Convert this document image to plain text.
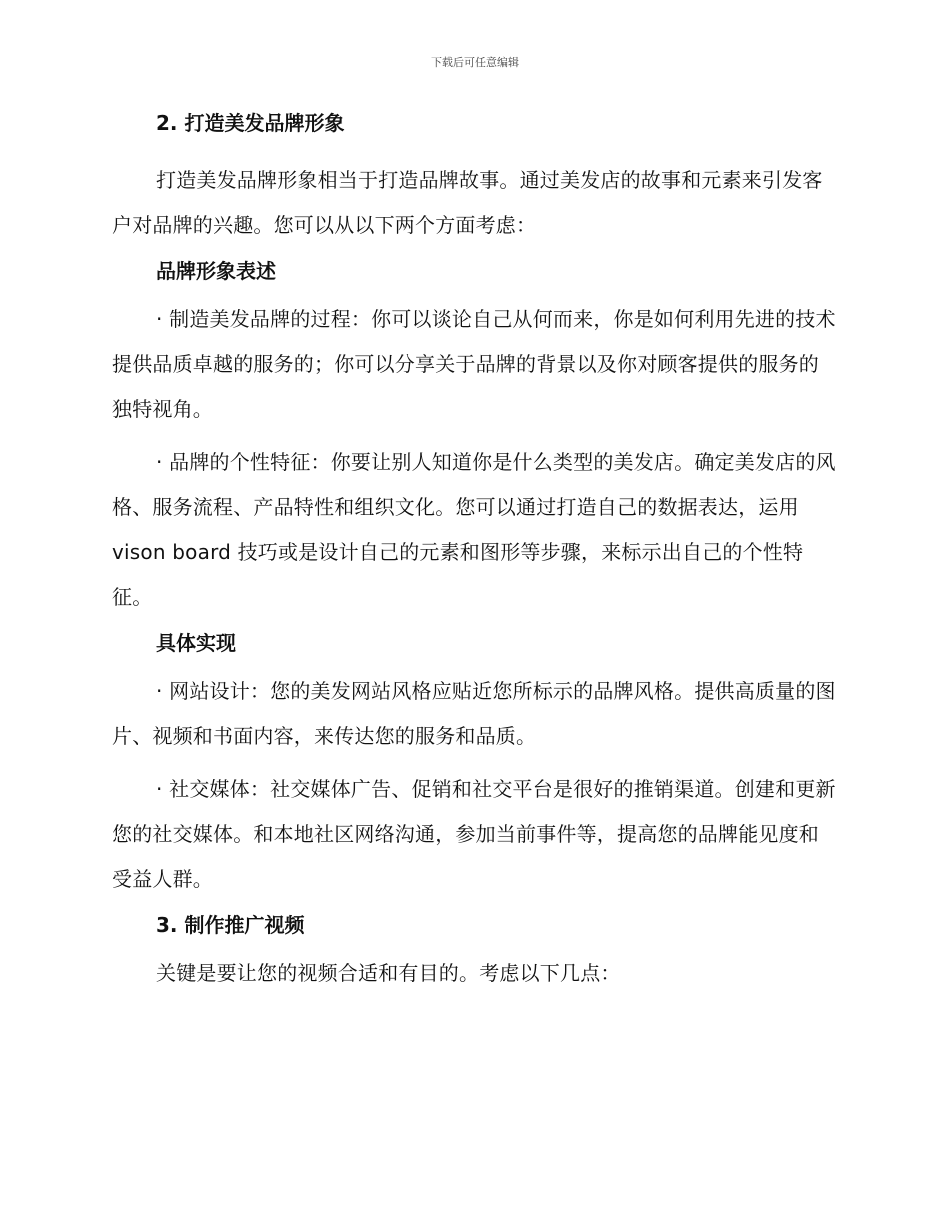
下载后可任意编辑
2. 打造美发品牌形象
打造美发品牌形象相当于打造品牌故事。通过美发店的故事和元素来引发客户对品牌的兴趣。您可以从以下两个方面考虑：
品牌形象表述
· 制造美发品牌的过程：你可以谈论自己从何而来，你是如何利用先进的技术提供品质卓越的服务的；你可以分享关于品牌的背景以及你对顾客提供的服务的独特视角。
· 品牌的个性特征：你要让别人知道你是什么类型的美发店。确定美发店的风格、服务流程、产品特性和组织文化。您可以通过打造自己的数据表达，运用 vison board 技巧或是设计自己的元素和图形等步骤，来标示出自己的个性特征。
具体实现
· 网站设计：您的美发网站风格应贴近您所标示的品牌风格。提供高质量的图片、视频和书面内容，来传达您的服务和品质。
· 社交媒体：社交媒体广告、促销和社交平台是很好的推销渠道。创建和更新您的社交媒体。和本地社区网络沟通，参加当前事件等，提高您的品牌能见度和受益人群。
3. 制作推广视频
关键是要让您的视频合适和有目的。考虑以下几点：
